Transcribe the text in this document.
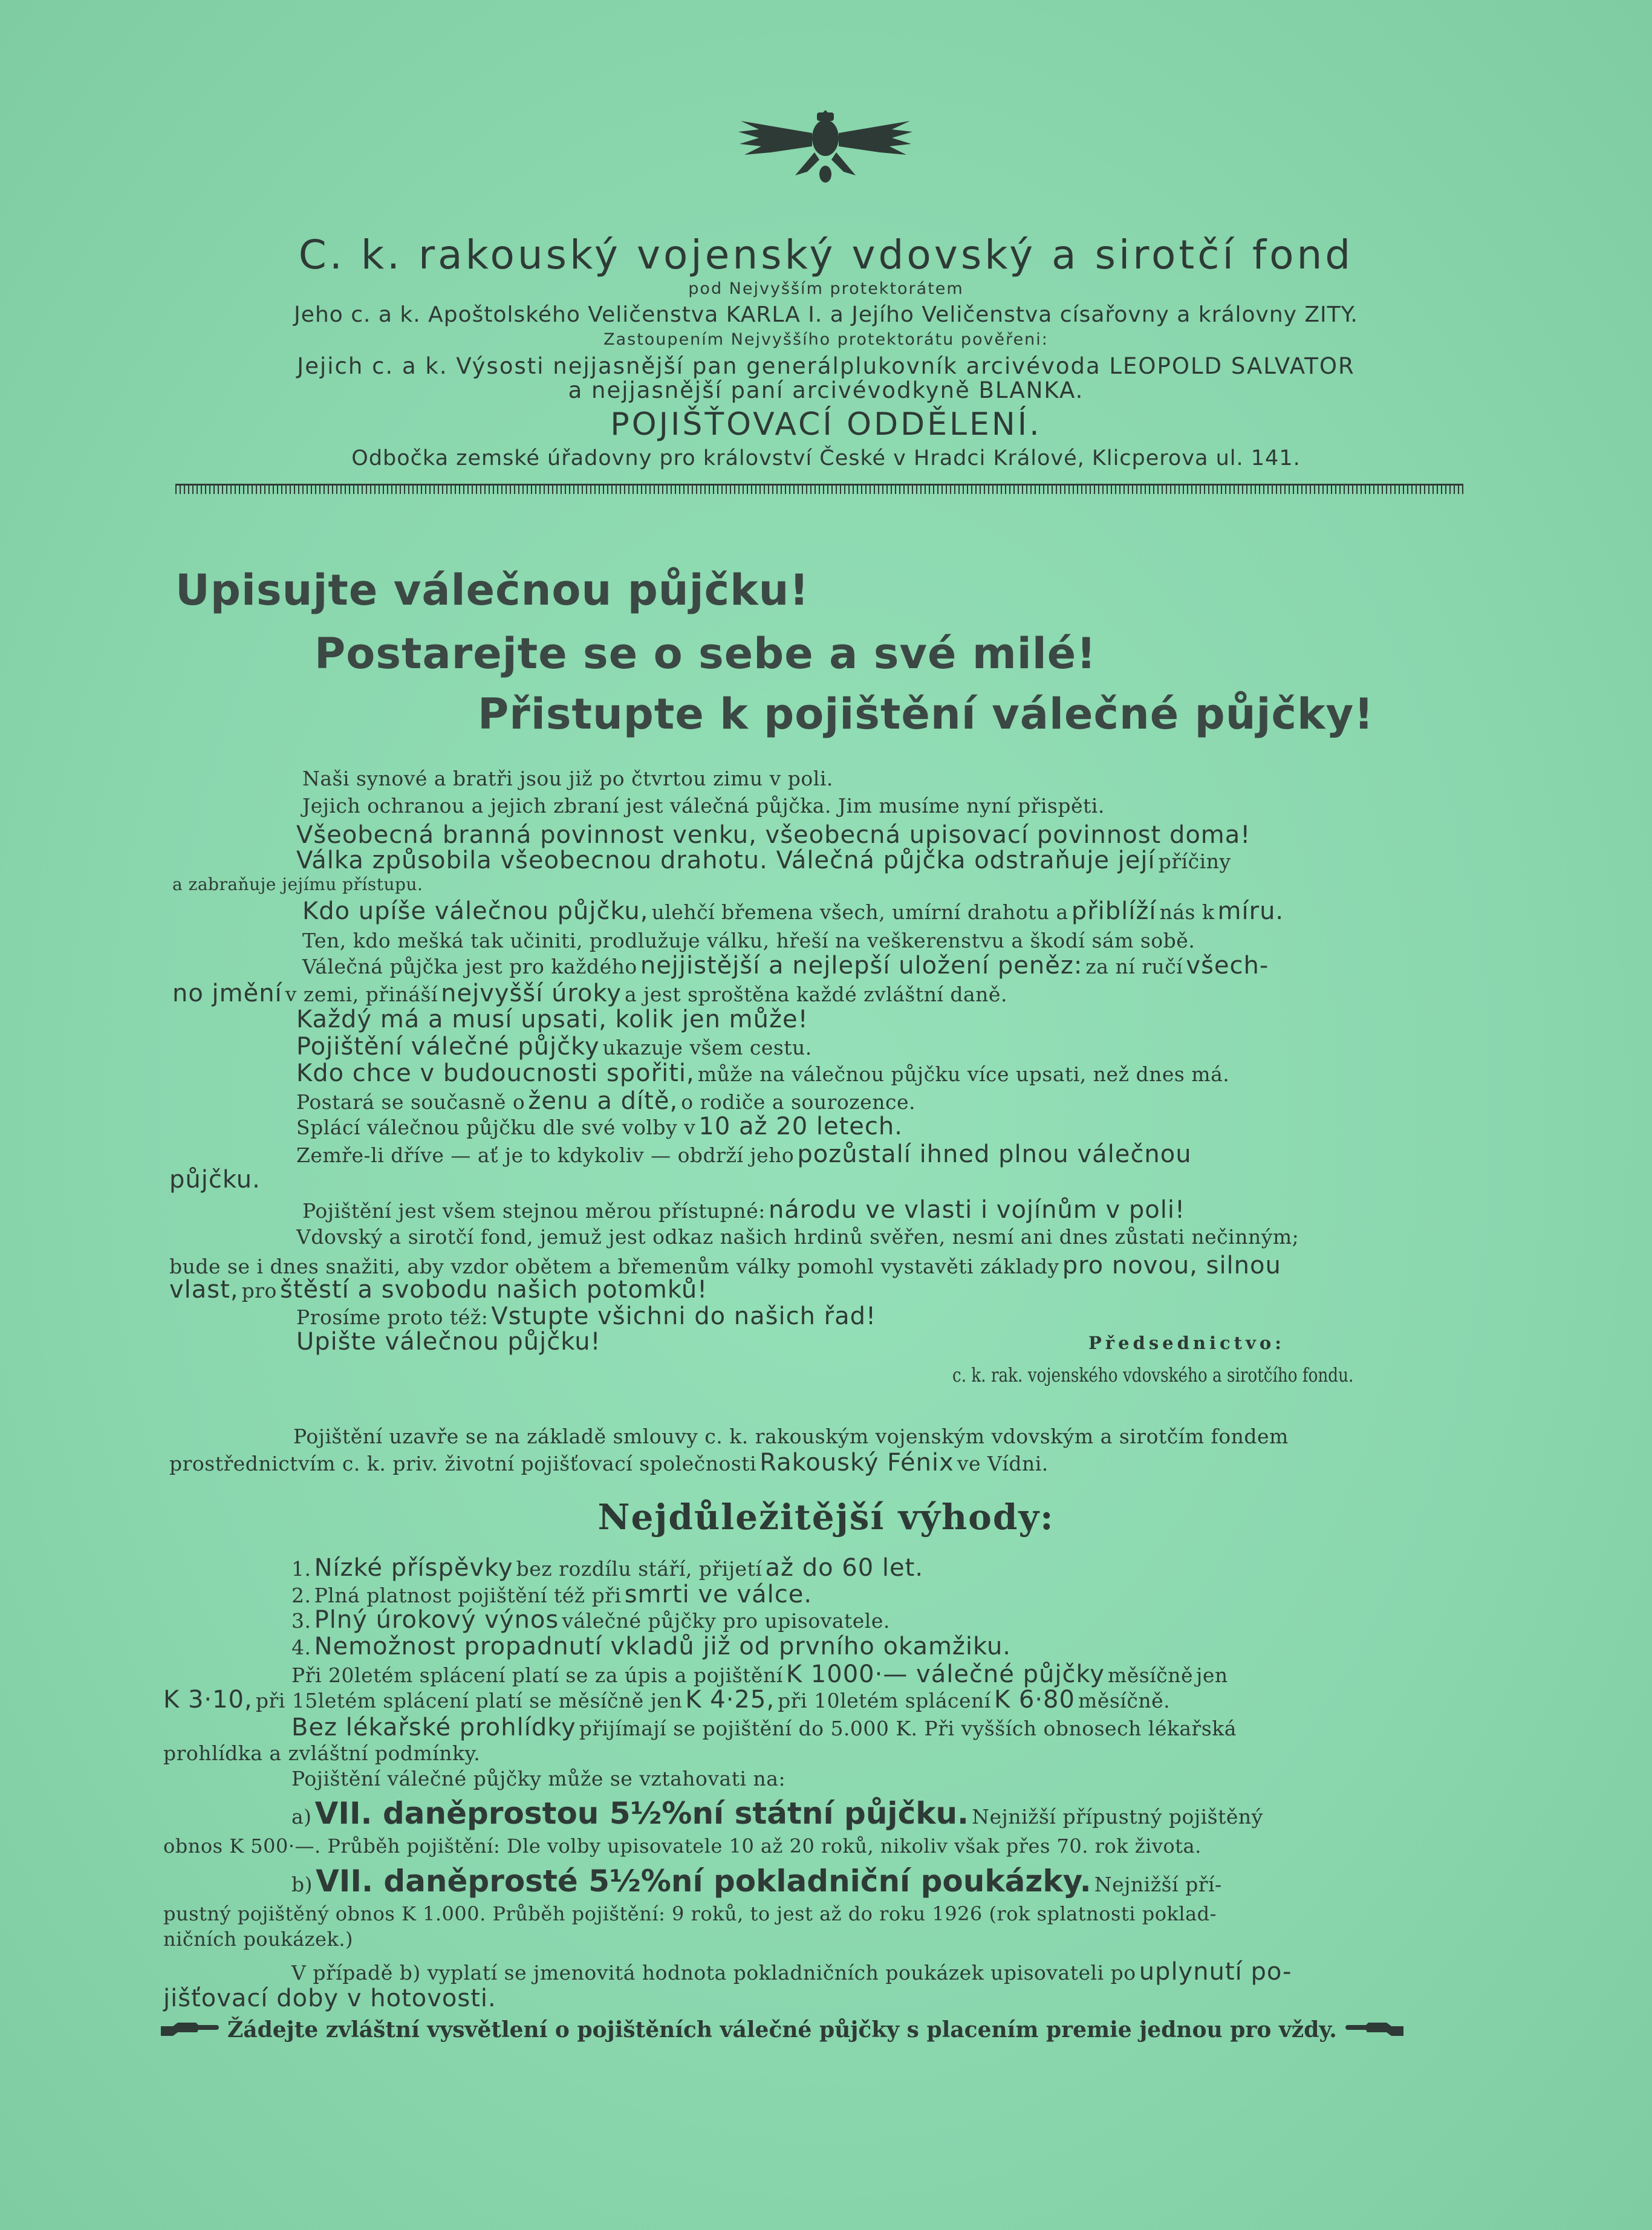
C. k. rakouský vojenský vdovský a sirotčí fond

pod Nejvyšším protektorátem

Jeho c. a k. Apoštolského Veličenstva KARLA I. a Jejího Veličenstva císařovny a královny ZITY.

Zastoupením Nejvyššího protektorátu pověřeni:

Jejich c. a k. Výsosti nejjasnější pan generálplukovník arcivévoda LEOPOLD SALVATOR

a nejjasnější paní arcivévodkyně BLANKA.

POJIŠŤOVACÍ ODDĚLENÍ.

Odbočka zemské úřadovny pro království České v Hradci Králové, Klicperova ul. 141.

Upisujte válečnou půjčku!

Postarejte se o sebe a své milé!

Přistupte k pojištění válečné půjčky!

Naši synové a bratři jsou již po čtvrtou zimu v poli.

Jejich ochranou a jejich zbraní jest válečná půjčka. Jim musíme nyní přispěti.

Všeobecná branná povinnost venku, všeobecná upisovací povinnost doma!

Válka způsobila všeobecnou drahotu. Válečná půjčka odstraňuje její příčiny

a zabraňuje jejímu přístupu.

Kdo upíše válečnou půjčku, ulehčí břemena všech, umírní drahotu a přiblíží nás k míru.

Ten, kdo mešká tak učiniti, prodlužuje válku, hřeší na veškerenstvu a škodí sám sobě.

Válečná půjčka jest pro každého nejjistější a nejlepší uložení peněz: za ní ručí všech-

no jmění v zemi, přináší nejvyšší úroky a jest sproštěna každé zvláštní daně.

Každý má a musí upsati, kolik jen může!

Pojištění válečné půjčky ukazuje všem cestu.

Kdo chce v budoucnosti spořiti, může na válečnou půjčku více upsati, než dnes má.

Postará se současně o ženu a dítě, o rodiče a sourozence.

Splácí válečnou půjčku dle své volby v 10 až 20 letech.

Zemře-li dříve — ať je to kdykoliv — obdrží jeho pozůstalí ihned plnou válečnou

půjčku.

Pojištění jest všem stejnou měrou přístupné: národu ve vlasti i vojínům v poli!

Vdovský a sirotčí fond, jemuž jest odkaz našich hrdinů svěřen, nesmí ani dnes zůstati nečinným;

bude se i dnes snažiti, aby vzdor obětem a břemenům války pomohl vystavěti základy pro novou, silnou

vlast, pro štěstí a svobodu našich potomků!

Prosíme proto též: Vstupte všichni do našich řad!

Upište válečnou půjčku!	Předsednictvo:

c. k. rak. vojenského vdovského a sirotčího fondu.

Pojištění uzavře se na základě smlouvy c. k. rakouským vojenským vdovským a sirotčím fondem

prostřednictvím c. k. priv. životní pojišťovací společnosti Rakouský Fénix ve Vídni.

Nejdůležitější výhody:

1. Nízké příspěvky bez rozdílu stáří, přijetí až do 60 let.

2. Plná platnost pojištění též při smrti ve válce.

3. Plný úrokový výnos válečné půjčky pro upisovatele.

4. Nemožnost propadnutí vkladů již od prvního okamžiku.

Při 20letém splácení platí se za úpis a pojištění K 1000·— válečné půjčky měsíčně jen

K 3·10, při 15letém splácení platí se měsíčně jen K 4·25, při 10letém splácení K 6·80 měsíčně.

Bez lékařské prohlídky přijímají se pojištění do 5.000 K. Při vyšších obnosech lékařská

prohlídka a zvláštní podmínky.

Pojištění válečné půjčky může se vztahovati na:

a) VII. daněprostou 5½%ní státní půjčku. Nejnižší přípustný pojištěný

obnos K 500·—. Průběh pojištění: Dle volby upisovatele 10 až 20 roků, nikoliv však přes 70. rok života.

b) VII. daněprosté 5½%ní pokladniční poukázky. Nejnižší pří-

pustný pojištěný obnos K 1.000. Průběh pojištění: 9 roků, to jest až do roku 1926 (rok splatnosti poklad-

ničních poukázek.)

V případě b) vyplatí se jmenovitá hodnota pokladničních poukázek upisovateli po uplynutí po-

jišťovací doby v hotovosti.

Žádejte zvláštní vysvětlení o pojištěních válečné půjčky s placením premie jednou pro vždy.
